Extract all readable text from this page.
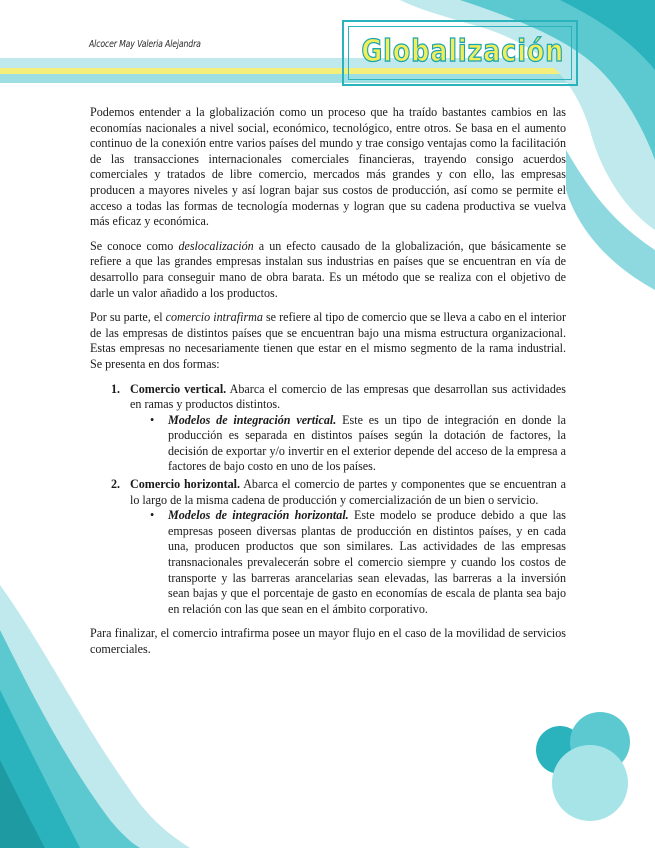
Alcocer May Valeria Alejandra	Globalización

Podemos entender a la globalización como un proceso que ha traído bastantes cambios en las economías nacionales a nivel social, económico, tecnológico, entre otros. Se basa en el aumento continuo de la conexión entre varios países del mundo y trae consigo ventajas como la facilitación de las transacciones internacionales comerciales financieras, trayendo consigo acuerdos comerciales y tratados de libre comercio, mercados más grandes y con ello, las empresas producen a mayores niveles y así logran bajar sus costos de producción, así como se permite el acceso a todas las formas de tecnología modernas y logran que su cadena productiva se vuelva más eficaz y económica.

Se conoce como deslocalización a un efecto causado de la globalización, que básicamente se refiere a que las grandes empresas instalan sus industrias en países que se encuentran en vía de desarrollo para conseguir mano de obra barata. Es un método que se realiza con el objetivo de darle un valor añadido a los productos.

Por su parte, el comercio intrafirma se refiere al tipo de comercio que se lleva a cabo en el interior de las empresas de distintos países que se encuentran bajo una misma estructura organizacional. Estas empresas no necesariamente tienen que estar en el mismo segmento de la rama industrial. Se presenta en dos formas:

1. Comercio vertical. Abarca el comercio de las empresas que desarrollan sus actividades en ramas y productos distintos.
• Modelos de integración vertical. Este es un tipo de integración en donde la producción es separada en distintos países según la dotación de factores, la decisión de exportar y/o invertir en el exterior depende del acceso de la empresa a factores de bajo costo en uno de los países.
2. Comercio horizontal. Abarca el comercio de partes y componentes que se encuentran a lo largo de la misma cadena de producción y comercialización de un bien o servicio.
• Modelos de integración horizontal. Este modelo se produce debido a que las empresas poseen diversas plantas de producción en distintos países, y en cada una, producen productos que son similares. Las actividades de las empresas transnacionales prevalecerán sobre el comercio siempre y cuando los costos de transporte y las barreras arancelarias sean elevadas, las barreras a la inversión sean bajas y que el porcentaje de gasto en economías de escala de planta sea bajo en relación con las que sean en el ámbito corporativo.

Para finalizar, el comercio intrafirma posee un mayor flujo en el caso de la movilidad de servicios comerciales.
